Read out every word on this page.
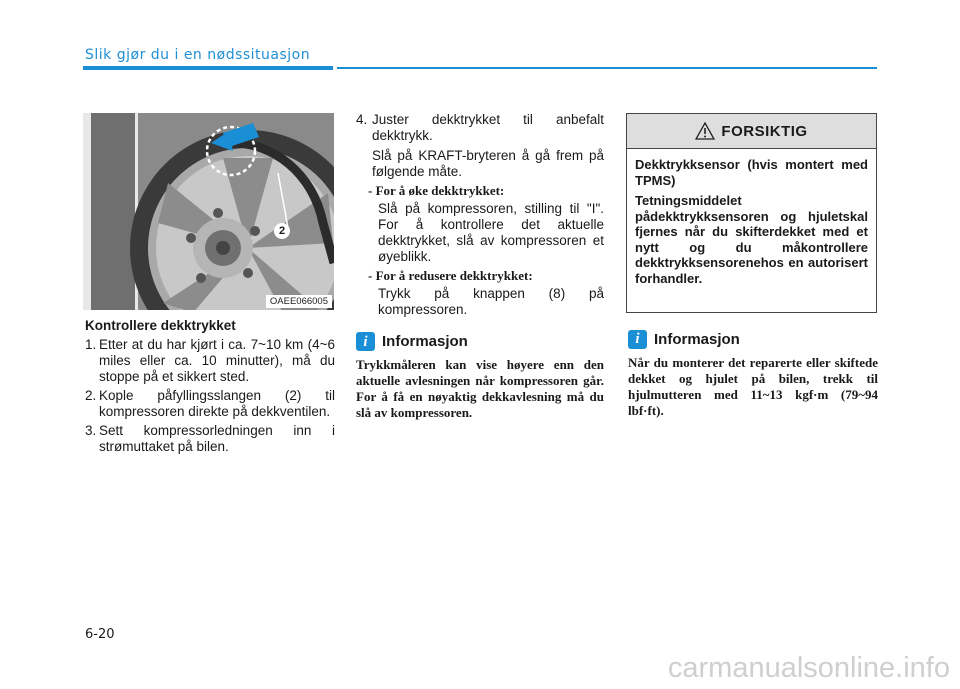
Slik gjør du i en nødssituasjon
2
OAEE066005
Kontrollere dekktrykket
1. Etter at du har kjørt i ca. 7~10 km (4~6 miles eller ca. 10 minutter), må du stoppe på et sikkert sted.
2. Kople påfyllingsslangen (2) til kompressoren direkte på dekkventilen.
3. Sett kompressorledningen inn i strømuttaket på bilen.
4. Juster dekktrykket til anbefalt dekktrykk.
Slå på KRAFT-bryteren å gå frem på følgende måte.
- For å øke dekktrykket:
Slå på kompressoren, stilling til "I". For å kontrollere det aktuelle dekktrykket, slå av kompressoren et øyeblikk.
- For å redusere dekktrykket:
Trykk på knappen (8) på kompressoren.
i Informasjon
Trykkmåleren kan vise høyere enn den aktuelle avlesningen når kompressoren går. For å få en nøyaktig dekkavlesning må du slå av kompressoren.
FORSIKTIG

Dekktrykksensor (hvis montert med TPMS)

Tetningsmiddelet pådekktrykksensoren og hjuletskal fjernes når du skifterdekket med et nytt og du måkontrollere dekktrykksensorenehos en autorisert forhandler.

i Informasjon
Når du monterer det reparerte eller skiftede dekket og hjulet på bilen, trekk til hjulmutteren med 11~13 kgf·m (79~94 lbf·ft).
6-20
carmanualsonline.info
